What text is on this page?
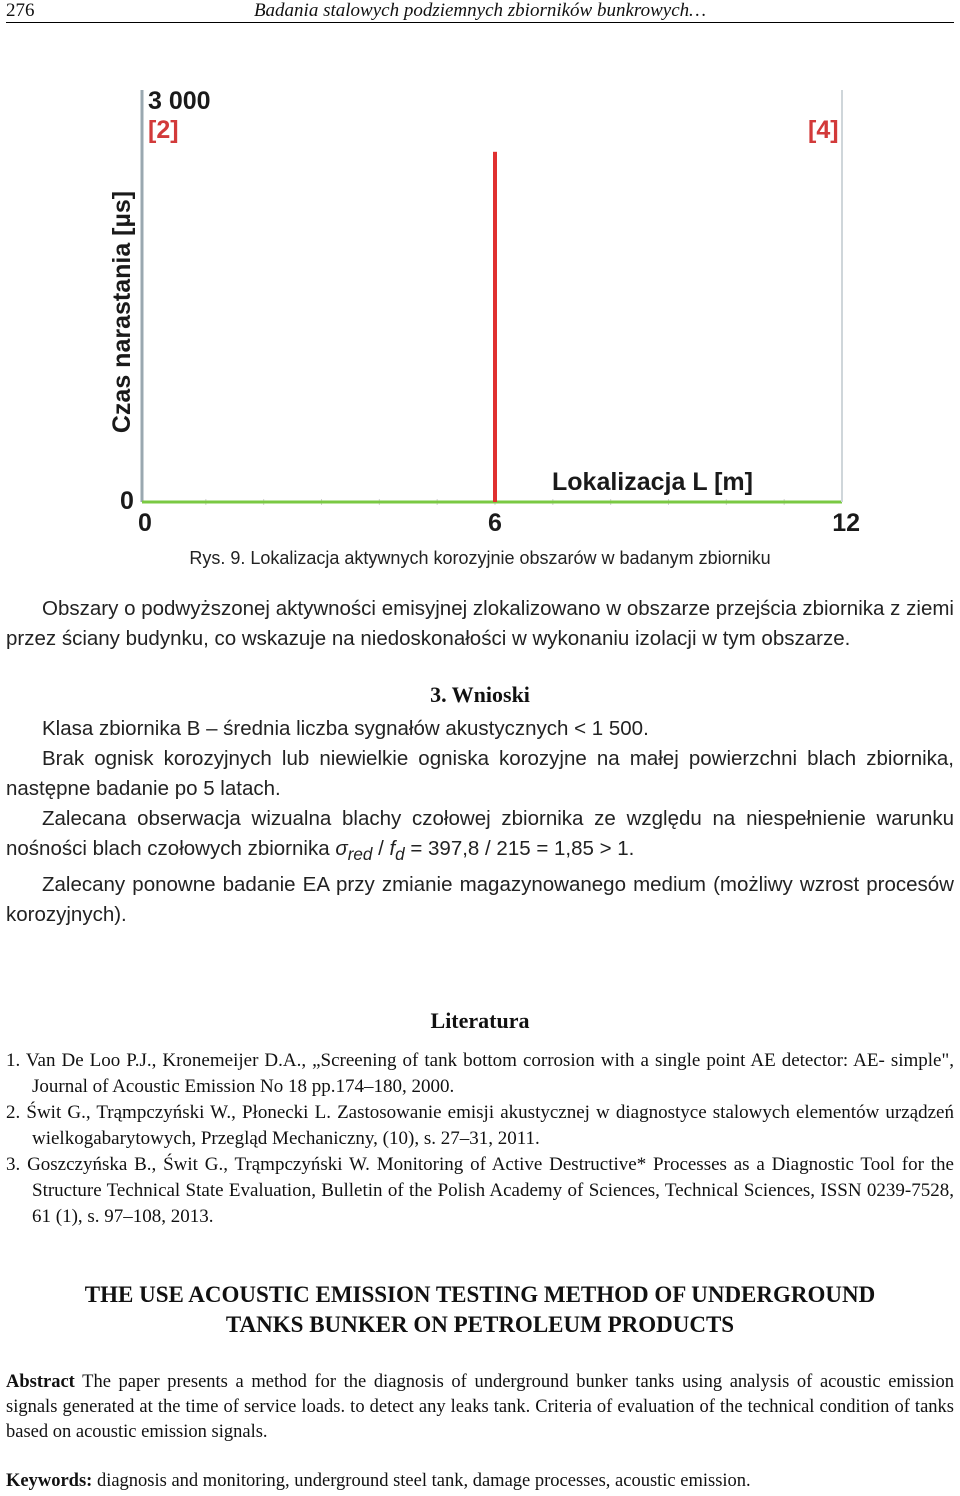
276	Badania stalowych podziemnych zbiorników bunkrowych…
3 000
0
[2]	[4]
Lokalizacja L [m]
Czas narastania [µs]
0	6	12
Rys. 9. Lokalizacja aktywnych korozyjnie obszarów w badanym zbiorniku

Obszary o podwyższonej aktywności emisyjnej zlokalizowano w obszarze przejścia zbiornika z ziemi przez ściany budynku, co wskazuje na niedoskonałości w wykonaniu izolacji w tym obszarze.

3. Wnioski

Klasa zbiornika B – średnia liczba sygnałów akustycznych < 1 500.

Brak ognisk korozyjnych lub niewielkie ogniska korozyjne na małej powierzchni blach zbiornika, następne badanie po 5 latach.

Zalecana obserwacja wizualna blachy czołowej zbiornika ze względu na niespełnienie warunku nośności blach czołowych zbiornika $\sigma_{red} / f_d = 397,8 / 215 = 1,85 > 1$.

Zalecany ponowne badanie EA przy zmianie magazynowanego medium (możliwy wzrost procesów korozyjnych).

Literatura

1. Van De Loo P.J., Kronemeijer D.A., „Screening of tank bottom corrosion with a single point AE detector: AE- simple", Journal of Acoustic Emission No 18 pp.174–180, 2000.

2. Świt G., Trąmpczyński W., Płonecki L. Zastosowanie emisji akustycznej w diagnostyce stalowych elementów urządzeń wielkogabarytowych, Przegląd Mechaniczny, (10), s. 27–31, 2011.

3. Goszczyńska B., Świt G., Trąmpczyński W. Monitoring of Active Destructive* Processes as a Diagnostic Tool for the Structure Technical State Evaluation, Bulletin of the Polish Academy of Sciences, Technical Sciences, ISSN 0239-7528, 61 (1), s. 97–108, 2013.

THE USE ACOUSTIC EMISSION TESTING METHOD OF UNDERGROUND
TANKS BUNKER ON PETROLEUM PRODUCTS
Abstract The paper presents a method for the diagnosis of underground bunker tanks using analysis of acoustic emission signals generated at the time of service loads. to detect any leaks tank. Criteria of evaluation of the technical condition of tanks based on acoustic emission signals.
Keywords: diagnosis and monitoring, underground steel tank, damage processes, acoustic emission.
